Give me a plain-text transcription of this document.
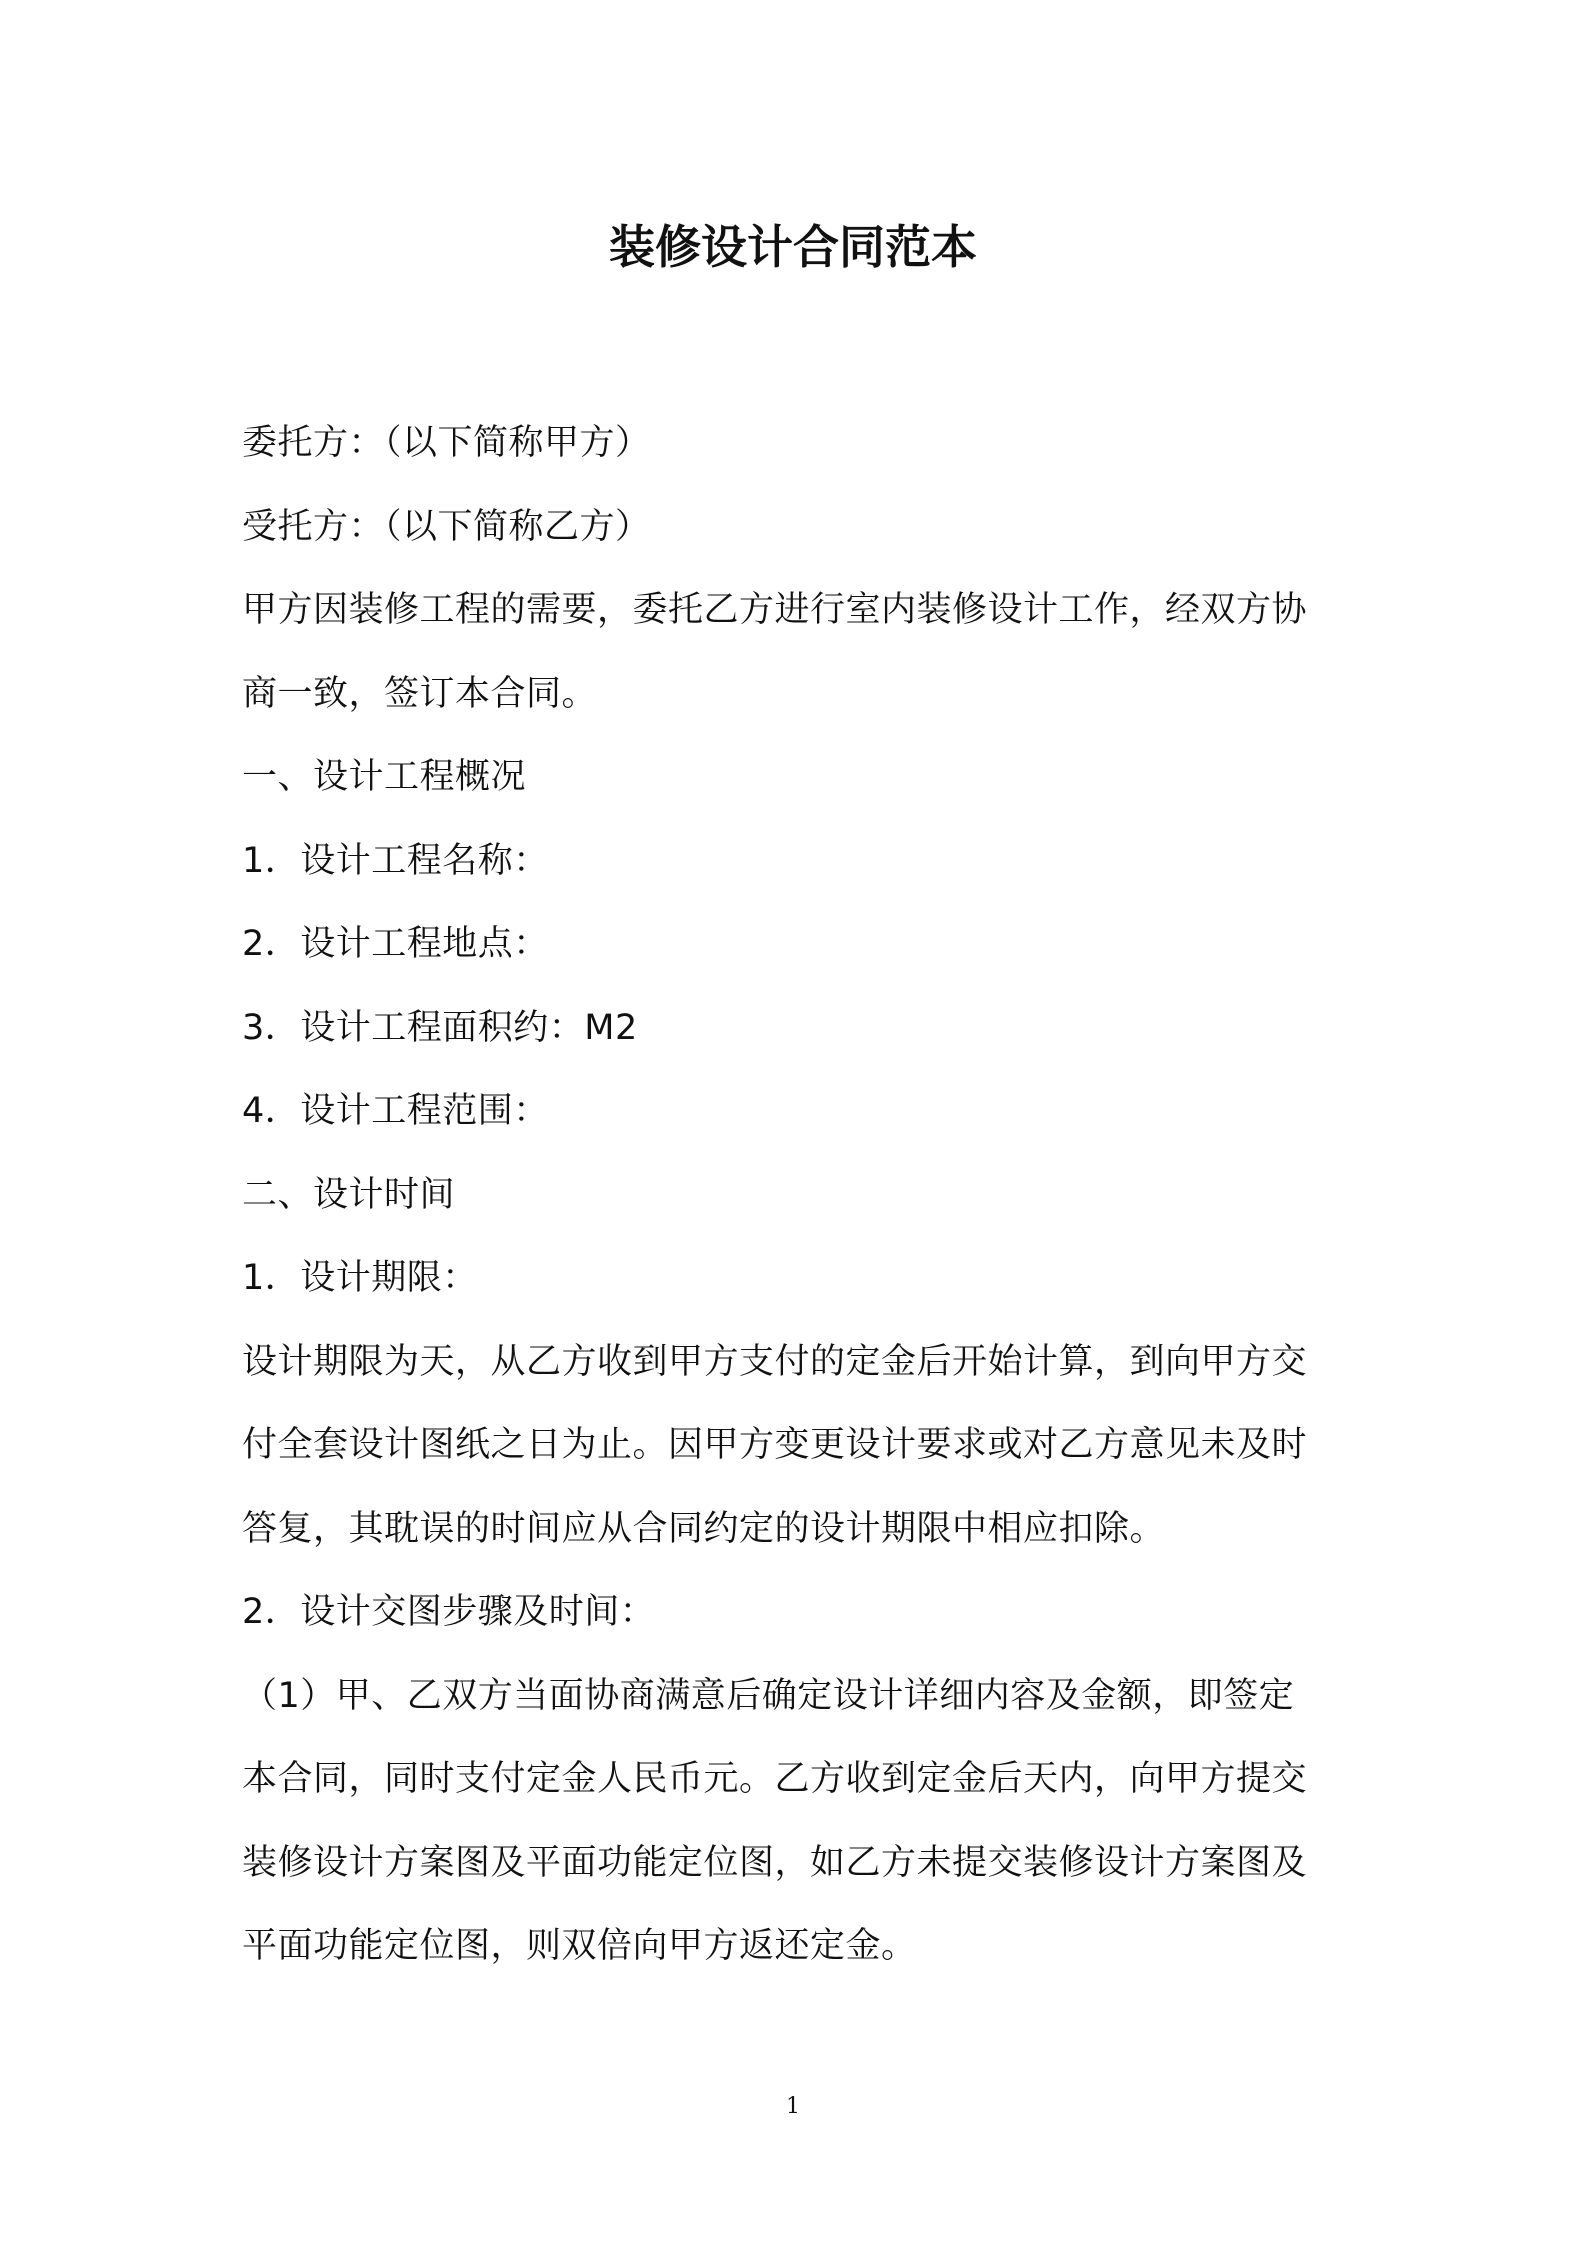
装修设计合同范本
委托方：（以下简称甲方）
受托方：（以下简称乙方）
甲方因装修工程的需要，委托乙方进行室内装修设计工作，经双方协
商一致，签订本合同。
一、设计工程概况
1．设计工程名称：
2．设计工程地点：
3．设计工程面积约：M2
4．设计工程范围：
二、设计时间
1．设计期限：
设计期限为天，从乙方收到甲方支付的定金后开始计算，到向甲方交
付全套设计图纸之日为止。因甲方变更设计要求或对乙方意见未及时
答复，其耽误的时间应从合同约定的设计期限中相应扣除。
2．设计交图步骤及时间：
（1）甲、乙双方当面协商满意后确定设计详细内容及金额，即签定
本合同，同时支付定金人民币元。乙方收到定金后天内，向甲方提交
装修设计方案图及平面功能定位图，如乙方未提交装修设计方案图及
平面功能定位图，则双倍向甲方返还定金。
1
